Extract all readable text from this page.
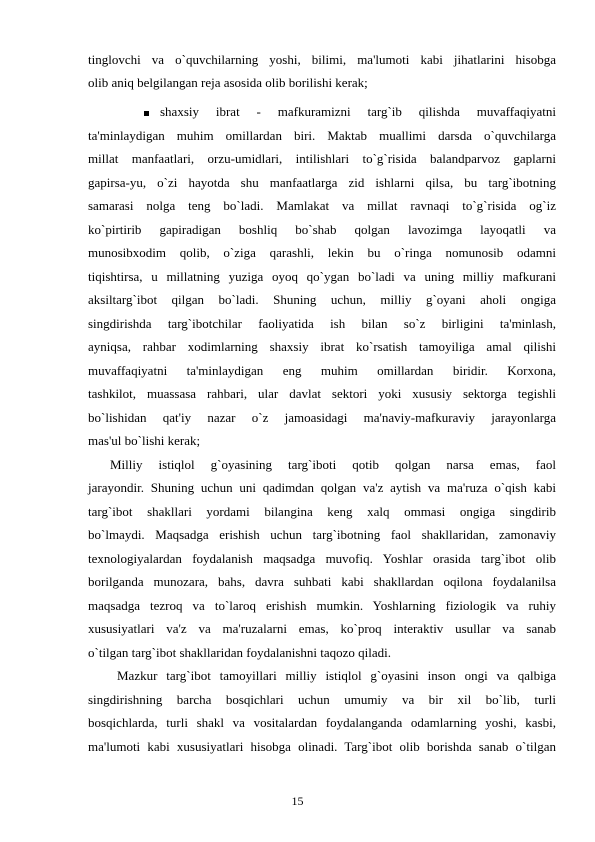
tinglovchi va o`quvchilarning yoshi, bilimi, ma'lumoti kabi jihatlarini hisobga
olib aniq belgilangan reja asosida olib borilishi kerak;
shaxsiy ibrat - mafkuramizni targ`ib qilishda muvaffaqiyatni
ta'minlaydigan muhim omillardan biri. Maktab muallimi darsda o`quvchilarga
millat manfaatlari, orzu-umidlari, intilishlari to`g`risida balandparvoz gaplarni
gapirsa-yu, o`zi hayotda shu manfaatlarga zid ishlarni qilsa, bu targ`ibotning
samarasi nolga teng bo`ladi. Mamlakat va millat ravnaqi to`g`risida og`iz
ko`pirtirib gapiradigan boshliq bo`shab qolgan lavozimga layoqatli va
munosibxodim qolib, o`ziga qarashli, lekin bu o`ringa nomunosib odamni
tiqishtirsa, u millatning yuziga oyoq qo`ygan bo`ladi va uning milliy mafkurani
aksiltarg`ibot qilgan bo`ladi. Shuning uchun, milliy g`oyani aholi ongiga
singdirishda targ`ibotchilar faoliyatida ish bilan so`z birligini ta'minlash,
ayniqsa, rahbar xodimlarning shaxsiy ibrat ko`rsatish tamoyiliga amal qilishi
muvaffaqiyatni ta'minlaydigan eng muhim omillardan biridir. Korxona,
tashkilot, muassasa rahbari, ular davlat sektori yoki xususiy sektorga tegishli
bo`lishidan qat'iy nazar o`z jamoasidagi ma'naviy-mafkuraviy jarayonlarga
mas'ul bo`lishi kerak;
Milliy istiqlol g`oyasining targ`iboti qotib qolgan narsa emas, faol
jarayondir. Shuning uchun uni qadimdan qolgan va'z aytish va ma'ruza o`qish kabi
targ`ibot shakllari yordami bilangina keng xalq ommasi ongiga singdirib
bo`lmaydi. Maqsadga erishish uchun targ`ibotning faol shakllaridan, zamonaviy
texnologiyalardan foydalanish maqsadga muvofiq. Yoshlar orasida targ`ibot olib
borilganda munozara, bahs, davra suhbati kabi shakllardan oqilona foydalanilsa
maqsadga tezroq va to`laroq erishish mumkin. Yoshlarning fiziologik va ruhiy
xususiyatlari va'z va ma'ruzalarni emas, ko`proq interaktiv usullar va sanab
o`tilgan targ`ibot shakllaridan foydalanishni taqozo qiladi.
Mazkur targ`ibot tamoyillari milliy istiqlol g`oyasini inson ongi va qalbiga
singdirishning barcha bosqichlari uchun umumiy va bir xil bo`lib, turli
bosqichlarda, turli shakl va vositalardan foydalanganda odamlarning yoshi, kasbi,
ma'lumoti kabi xususiyatlari hisobga olinadi. Targ`ibot olib borishda sanab o`tilgan
15
